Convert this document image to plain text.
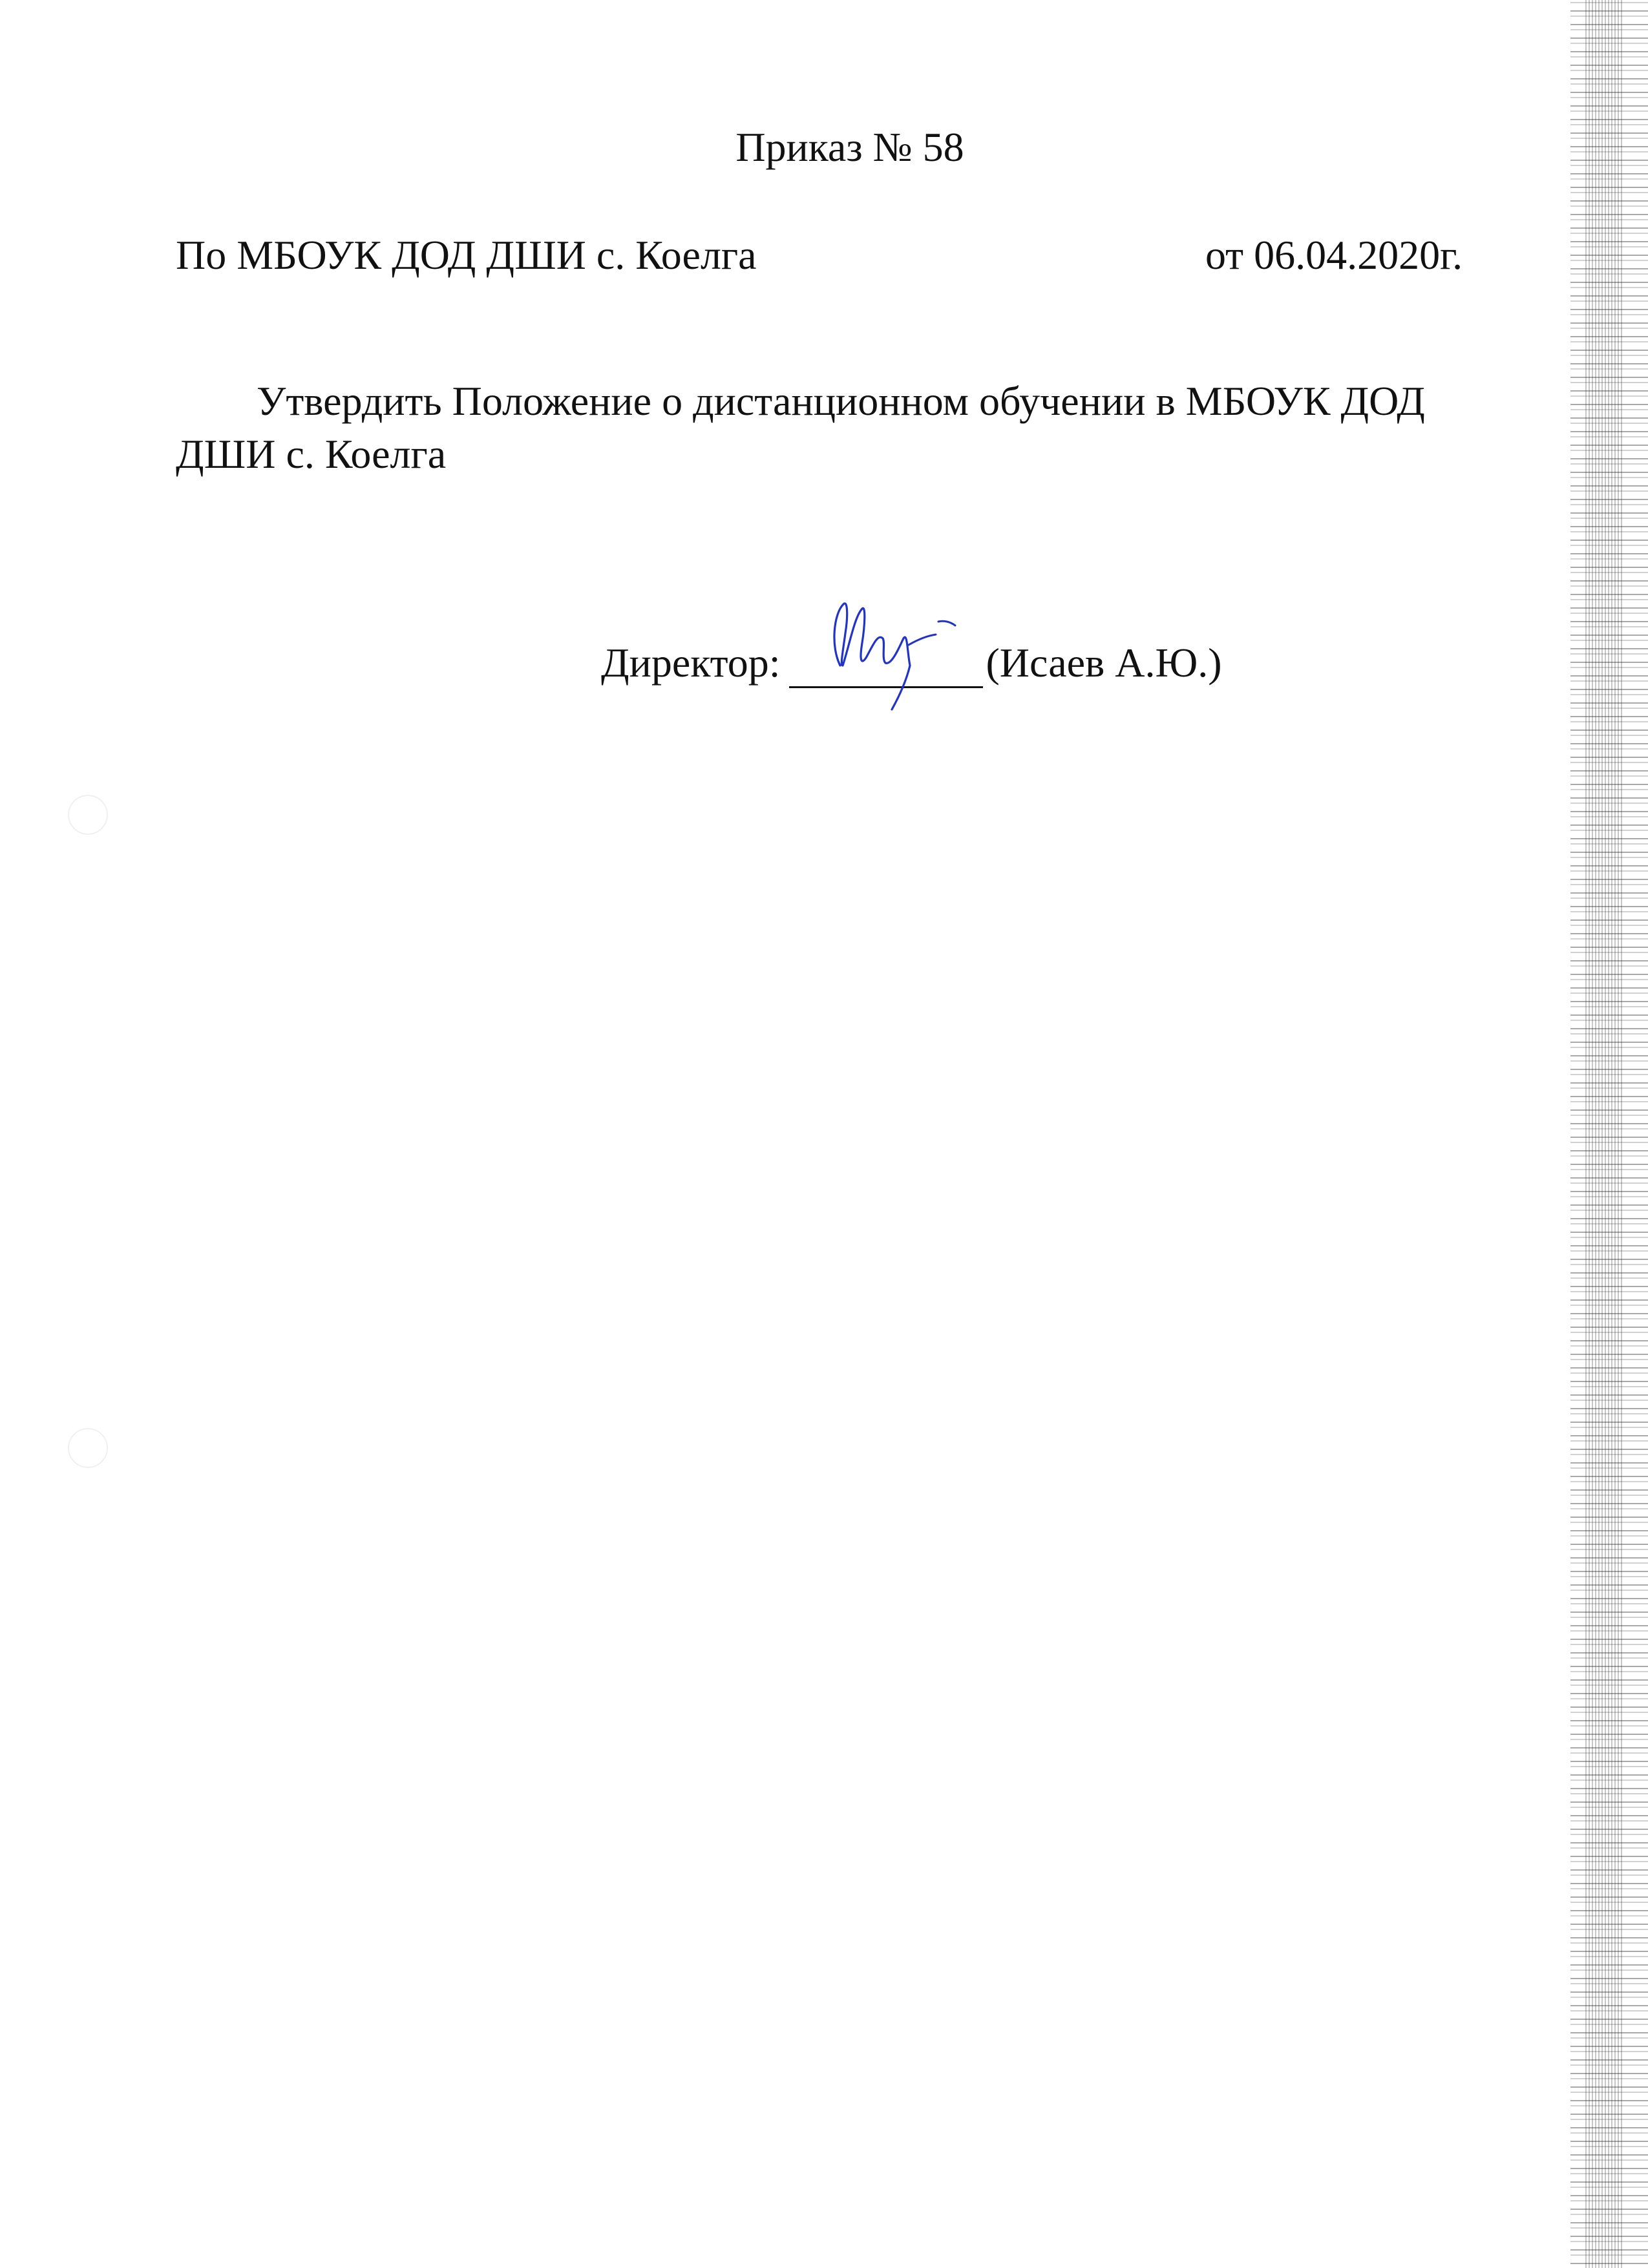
Приказ № 58
По МБОУК ДОД ДШИ с. Коелга	от 06.04.2020г.

Утвердить Положение о дистанционном обучении в МБОУК ДОД ДШИ с. Коелга

Директор:	(Исаев А.Ю.)
